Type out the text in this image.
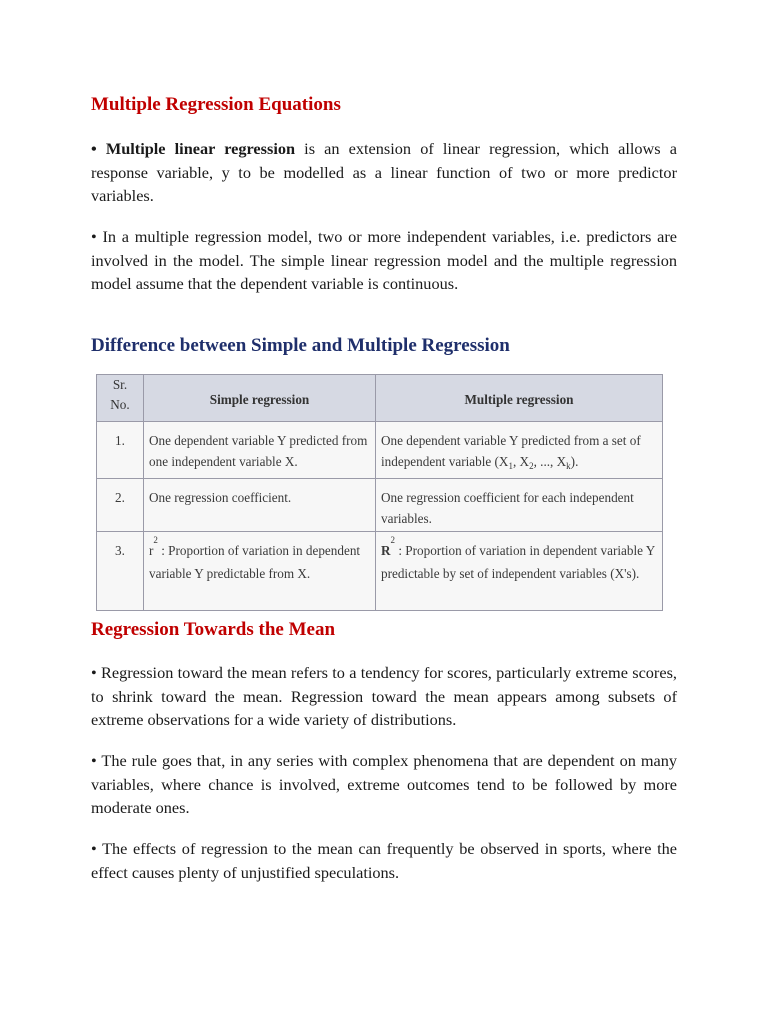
Multiple Regression Equations

• Multiple linear regression is an extension of linear regression, which allows a response variable, y to be modelled as a linear function of two or more predictor variables.

• In a multiple regression model, two or more independent variables, i.e. predictors are involved in the model. The simple linear regression model and the multiple regression model assume that the dependent variable is continuous.

Difference between Simple and Multiple Regression
Sr.
No.	Simple regression	Multiple regression
1.	One dependent variable Y predicted from one independent variable X.	One dependent variable Y predicted from a set of independent variable ($X_1$, $X_2$, ..., $X_k$).
2.	One regression coefficient.	One regression coefficient for each independent variables.
3.	$r^2$ : Proportion of variation in dependent variable Y predictable from X.	$R^2$ : Proportion of variation in dependent variable Y predictable by set of independent variables (X's).
Regression Towards the Mean

• Regression toward the mean refers to a tendency for scores, particularly extreme scores, to shrink toward the mean. Regression toward the mean appears among subsets of extreme observations for a wide variety of distributions.

• The rule goes that, in any series with complex phenomena that are dependent on many variables, where chance is involved, extreme outcomes tend to be followed by more moderate ones.

• The effects of regression to the mean can frequently be observed in sports, where the effect causes plenty of unjustified speculations.
